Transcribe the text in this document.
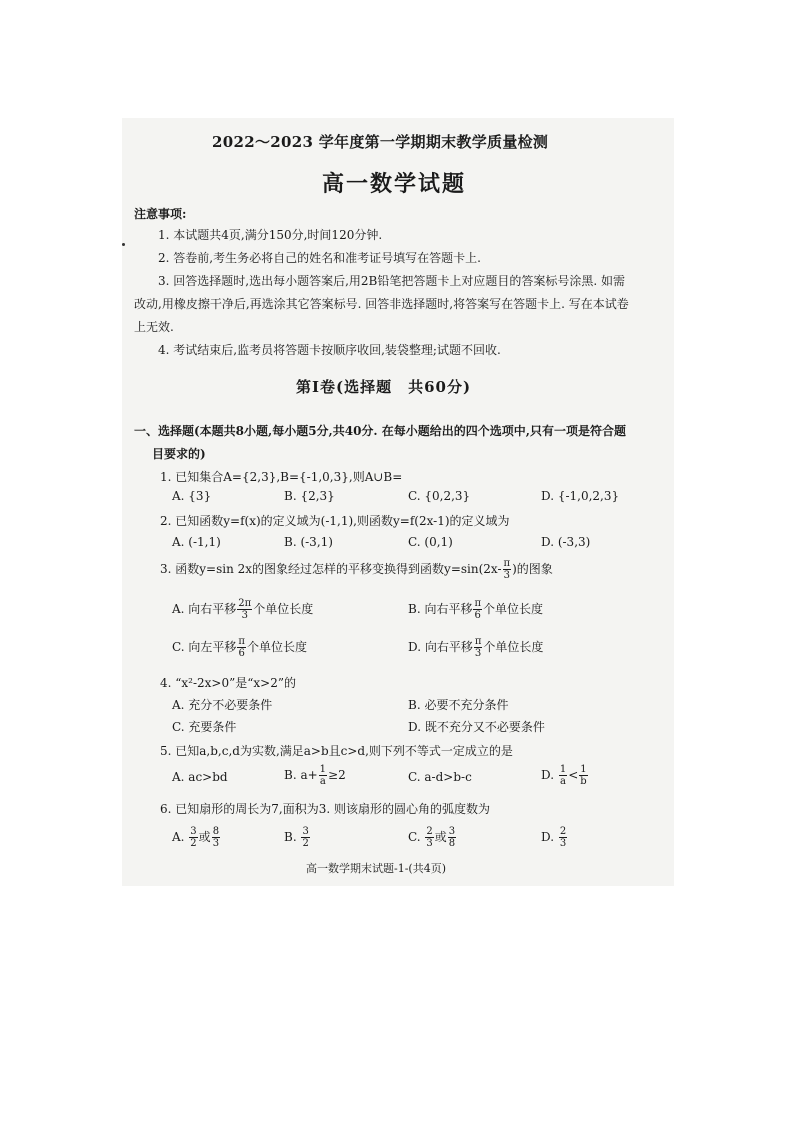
2022～2023 学年度第一学期期末教学质量检测
高一数学试题
注意事项:
1. 本试题共4页,满分150分,时间120分钟.
2. 答卷前,考生务必将自己的姓名和准考证号填写在答题卡上.
3. 回答选择题时,选出每小题答案后,用2B铅笔把答题卡上对应题目的答案标号涂黑. 如需
改动,用橡皮擦干净后,再选涂其它答案标号. 回答非选择题时,将答案写在答题卡上. 写在本试卷
上无效.
4. 考试结束后,监考员将答题卡按顺序收回,装袋整理;试题不回收.
第Ⅰ卷(选择题　共60分)
一、选择题(本题共8小题,每小题5分,共40分. 在每小题给出的四个选项中,只有一项是符合题
目要求的)
1. 已知集合A={2,3},B={-1,0,3},则A∪B=
A. {3}	B. {2,3}	C. {0,2,3}	D. {-1,0,2,3}
2. 已知函数y=f(x)的定义域为(-1,1),则函数y=f(2x-1)的定义域为
A. (-1,1)	B. (-3,1)	C. (0,1)	D. (-3,3)
3. 函数y=sin 2x的图象经过怎样的平移变换得到函数$y=\sin(2x- \frac{\pi}{3}$ )的图象
A. 向右平移 $\frac{2\pi}{3}$ 个单位长度	B. 向右平移 $\frac{\pi}{6}$ 个单位长度
C. 向左平移 $\frac{\pi}{6}$ 个单位长度	D. 向右平移 $\frac{\pi}{3}$ 个单位长度
4. “x²-2x>0”是“x>2”的
A. 充分不必要条件	B. 必要不充分条件
C. 充要条件	D. 既不充分又不必要条件
5. 已知a,b,c,d为实数,满足a>b且c>d,则下列不等式一定成立的是
A. ac>bd	B. $a+ \frac{1}{a} \ge 2$	C. a-d>b-c	D. $\frac{1}{a} < \frac{1}{b}$
6. 已知扇形的周长为7,面积为3. 则该扇形的圆心角的弧度数为
A. $\frac{3}{2}$ 或 $\frac{8}{3}$	B. $\frac{3}{2}$	C. $\frac{2}{3}$ 或 $\frac{3}{8}$	D. $\frac{2}{3}$
高一数学期末试题-1-(共4页)
